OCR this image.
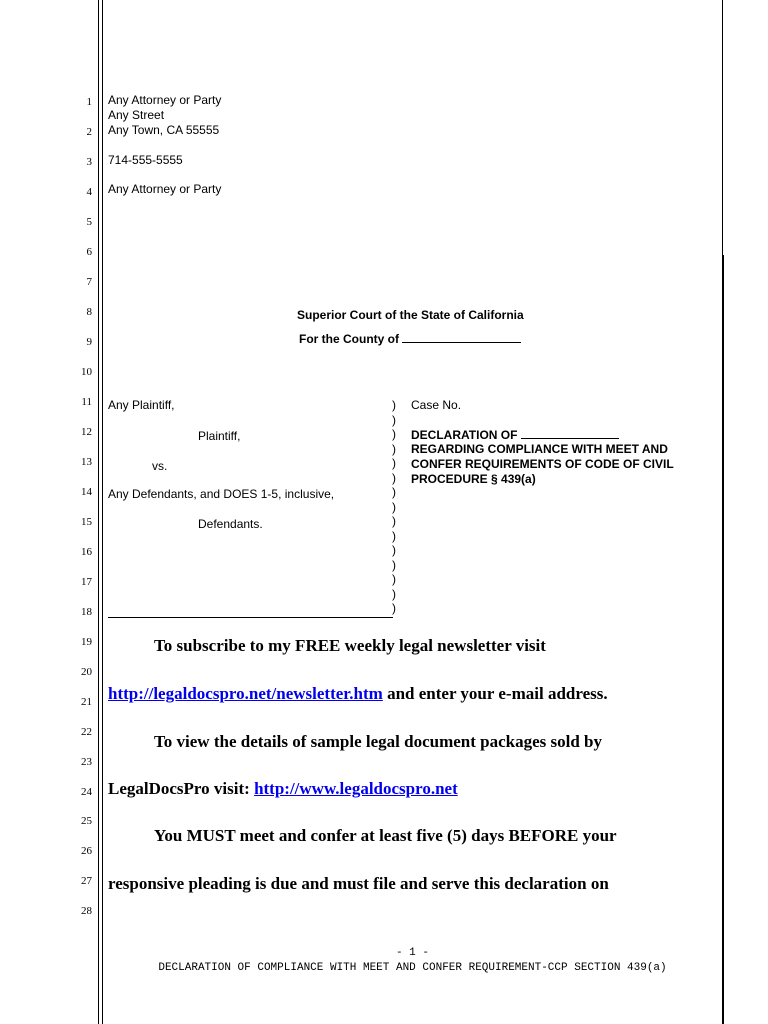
1
2
3
4
5
6
7
8
9
10
11
12
13
14
15
16
17
18
19
20
21
22
23
24
25
26
27
28
Any Attorney or Party
Any Street
Any Town, CA 55555
714-555-5555
Any Attorney or Party
Superior Court of the State of California
For the County of
Any Plaintiff,
Plaintiff,
vs.
Any Defendants, and DOES 1-5, inclusive,
Defendants.
)
)
)
)
)
)
)
)
)
)
)
)
)
)
)
Case No.
DECLARATION OF
REGARDING COMPLIANCE WITH MEET AND
CONFER REQUIREMENTS OF CODE OF CIVIL
PROCEDURE § 439(a)
To subscribe to my FREE weekly legal newsletter visit
http://legaldocspro.net/newsletter.htm and enter your e-mail address.
To view the details of sample legal document packages sold by
LegalDocsPro visit: http://www.legaldocspro.net
You MUST meet and confer at least five (5) days BEFORE your
responsive pleading is due and must file and serve this declaration on
- 1 -
DECLARATION OF COMPLIANCE WITH MEET AND CONFER REQUIREMENT-CCP SECTION 439(a)
